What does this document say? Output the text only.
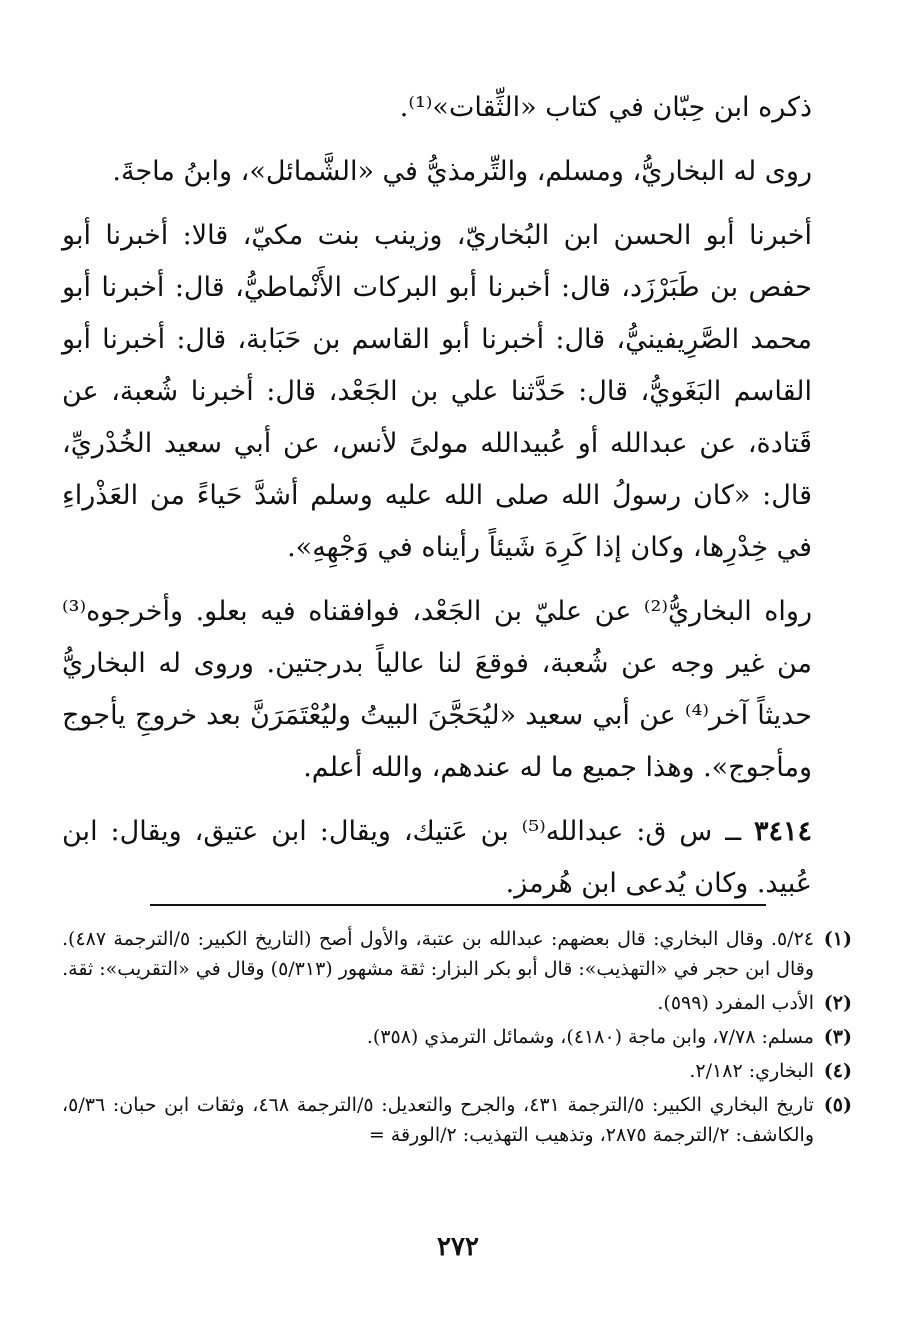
ذكره ابن حِبّان في كتاب «الثِّقات»⁽¹⁾.

روى له البخاريُّ، ومسلم، والتِّرمذيُّ في «الشَّمائل»، وابنُ ماجةَ.

أخبرنا أبو الحسن ابن البُخاريّ، وزينب بنت مكيّ، قالا: أخبرنا أبو حفص بن طَبَرْزَد، قال: أخبرنا أبو البركات الأَنْماطيُّ، قال: أخبرنا أبو محمد الصَّرِيفينيُّ، قال: أخبرنا أبو القاسم بن حَبَابة، قال: أخبرنا أبو القاسم البَغَويُّ، قال: حَدَّثنا علي بن الجَعْد، قال: أخبرنا شُعبة، عن قَتادة، عن عبدالله أو عُبيدالله مولىً لأنس، عن أبي سعيد الخُدْريِّ، قال: «كان رسولُ الله صلى الله عليه وسلم أشدَّ حَياءً من العَذْراءِ في خِدْرِها، وكان إذا كَرِهَ شَيئاً رأيناه في وَجْهِهِ».

رواه البخاريُّ⁽²⁾ عن عليّ بن الجَعْد، فوافقناه فيه بعلو. وأخرجوه⁽³⁾ من غير وجه عن شُعبة، فوقعَ لنا عالياً بدرجتين. وروى له البخاريُّ حديثاً آخر⁽⁴⁾ عن أبي سعيد «ليُحَجَّنَ البيتُ وليُعْتَمَرَنَّ بعد خروجِ يأجوج ومأجوج». وهذا جميع ما له عندهم، والله أعلم.

٣٤١٤ ــ س ق: عبدالله⁽⁵⁾ بن عَتيك، ويقال: ابن عتيق، ويقال: ابن عُبيد. وكان يُدعى ابن هُرمز.

(١)٥/٢٤. وقال البخاري: قال بعضهم: عبدالله بن عتبة، والأول أصح (التاريخ الكبير: ٥/الترجمة ٤٨٧). وقال ابن حجر في «التهذيب»: قال أبو بكر البزار: ثقة مشهور (٥/٣١٣) وقال في «التقريب»: ثقة.

(٢)الأدب المفرد (٥٩٩).

(٣)مسلم: ٧/٧٨، وابن ماجة (٤١٨٠)، وشمائل الترمذي (٣٥٨).

(٤)البخاري: ٢/١٨٢.

(٥)تاريخ البخاري الكبير: ٥/الترجمة ٤٣١، والجرح والتعديل: ٥/الترجمة ٤٦٨، وثقات ابن حبان: ٥/٣٦، والكاشف: ٢/الترجمة ٢٨٧٥، وتذهيب التهذيب: ٢/الورقة =

٢٧٢
